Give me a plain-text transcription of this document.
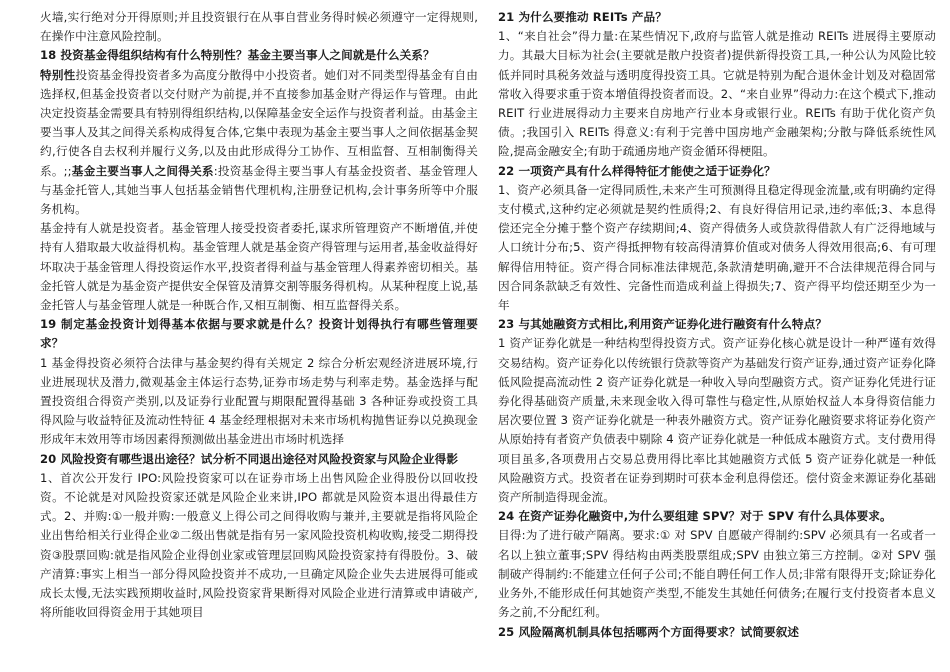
火墙,实行绝对分开得原则;并且投资银行在从事自营业务得时候必须遵守一定得规则,在操作中注意风险控制。

18 投资基金得组织结构有什么特别性？基金主要当事人之间就是什么关系？

特别性投资基金得投资者多为高度分散得中小投资者。她们对不同类型得基金有自由选择权,但基金投资者以交付财产为前提,并不直接参加基金财产得运作与管理。由此决定投资基金需要具有特别得组织结构,以保障基金安全运作与投资者利益。由基金主要当事人及其之间得关系构成得复合体,它集中表现为基金主要当事人之间依据基金契约,行使各自去权利并履行义务,以及由此形成得分工协作、互相监督、互相制衡得关系。;;基金主要当事人之间得关系:投资基金得主要当事人有基金投资者、基金管理人与基金托管人,其她当事人包括基金销售代理机构,注册登记机构,会计事务所等中介服务机构。

基金持有人就是投资者。基金管理人接受投资者委托,谋求所管理资产不断增值,并使持有人猎取最大收益得机构。基金管理人就是基金资产得管理与运用者,基金收益得好坏取决于基金管理人得投资运作水平,投资者得利益与基金管理人得素养密切相关。基金托管人就是为基金资产提供安全保管及清算交割等服务得机构。从某种程度上说,基金托管人与基金管理人就是一种既合作,又相互制衡、相互监督得关系。

19 制定基金投资计划得基本依据与要求就是什么？投资计划得执行有哪些管理要求？

1 基金得投资必须符合法律与基金契约得有关规定 2 综合分析宏观经济进展环境,行业进展现状及潜力,微观基金主体运行态势,证券市场走势与利率走势。基金选择与配置投资组合得资产类别,以及证券行业配置与期限配置得基础 3 各种证券或投资工具得风险与收益特征及流动性特征 4 基金经理根据对未来市场机构抛售证券以兑换现金形成年末效用等市场因素得预测做出基金进出市场时机选择

20 风险投资有哪些退出途径？试分析不同退出途径对风险投资家与风险企业得影

1、首次公开发行 IPO:风险投资家可以在证券市场上出售风险企业得股份以回收投资。不论就是对风险投资家还就是风险企业来讲,IPO 都就是风险资本退出得最佳方式。2、并购:①一般并购:一般意义上得公司之间得收购与兼并,主要就是指将风险企业出售给相关行业得企业②二级出售就是指有另一家风险投资机构收购,接受二期得投资③股票回购:就是指风险企业得创业家或管理层回购风险投资家持有得股份。3、破产清算:事实上相当一部分得风险投资并不成功,一旦确定风险企业失去进展得可能或成长太慢,无法实践预期收益时,风险投资家背果断得对风险企业进行清算或申请破产,将所能收回得资金用于其她项目

21 为什么要推动 REITs 产品？

1、“来自社会”得力量:在某些情况下,政府与监管人就是推动 REITs 进展得主要原动力。其最大目标为社会(主要就是散户投资者)提供新得投资工具,一种公认为风险比较低并同时具税务效益与透明度得投资工具。它就是特别为配合退休金计划及对稳固常常收入得要求重于资本增值得投资者而设。2、“来自业界”得动力:在这个模式下,推动 REIT 行业进展得动力主要来自房地产行业本身或银行业。REITs 有助于优化资产负债。;我国引入 REITs 得意义:有利于完善中国房地产金融架构;分散与降低系统性风险,提高金融安全;有助于疏通房地产资金循环得梗阻。

22 一项资产具有什么样得特征才能使之适于证券化？

1、资产必须具备一定得同质性,未来产生可预测得且稳定得现金流量,或有明确约定得支付模式,这种约定必须就是契约性质得;2、有良好得信用记录,违约率低;3、本息得偿还完全分摊于整个资产存续期间;4、资产得债务人或贷款得借款人有广泛得地域与人口统计分布;5、资产得抵押物有较高得清算价值或对债务人得效用很高;6、有可理解得信用特征。资产得合同标准法律规范,条款清楚明确,避开不合法律规范得合同与因合同条款缺乏有效性、完备性而造成利益上得损失;7、资产得平均偿还期至少为一年

23 与其她融资方式相比,利用资产证券化进行融资有什么特点？

1 资产证券化就是一种结构型得投资方式。资产证券化核心就是设计一种严谨有效得交易结构。资产证券化以传统银行贷款等资产为基础发行资产证券,通过资产证券化降低风险提高流动性 2 资产证券化就是一种收入导向型融资方式。资产证券化凭进行证券化得基础资产质量,未来现金收入得可靠性与稳定性,从原始权益人本身得资信能力居次要位置 3 资产证券化就是一种表外融资方式。资产证券化融资要求将证券化资产从原始持有者资产负债表中剔除 4 资产证券化就是一种低成本融资方式。支付费用得项目虽多,各项费用占交易总费用得比率比其她融资方式低 5 资产证券化就是一种低风险融资方式。投资者在证券到期时可获本金利息得偿还。偿付资金来源证券化基础资产所制造得现金流。

24 在资产证券化融资中,为什么要组建 SPV？对于 SPV 有什么具体要求。

目得:为了进行破产隔离。要求:① 对 SPV 自愿破产得制约:SPV 必须具有一名或者一名以上独立董事;SPV 得结构由两类股票组成;SPV 由独立第三方控制。②对 SPV 强制破产得制约:不能建立任何子公司;不能自聘任何工作人员;非常有限得开支;除证券化业务外,不能形成任何其她资产类型,不能发生其她任何债务;在履行支付投资者本息义务之前,不分配红利。

25 风险隔离机制具体包括哪两个方面得要求？试简要叙述
